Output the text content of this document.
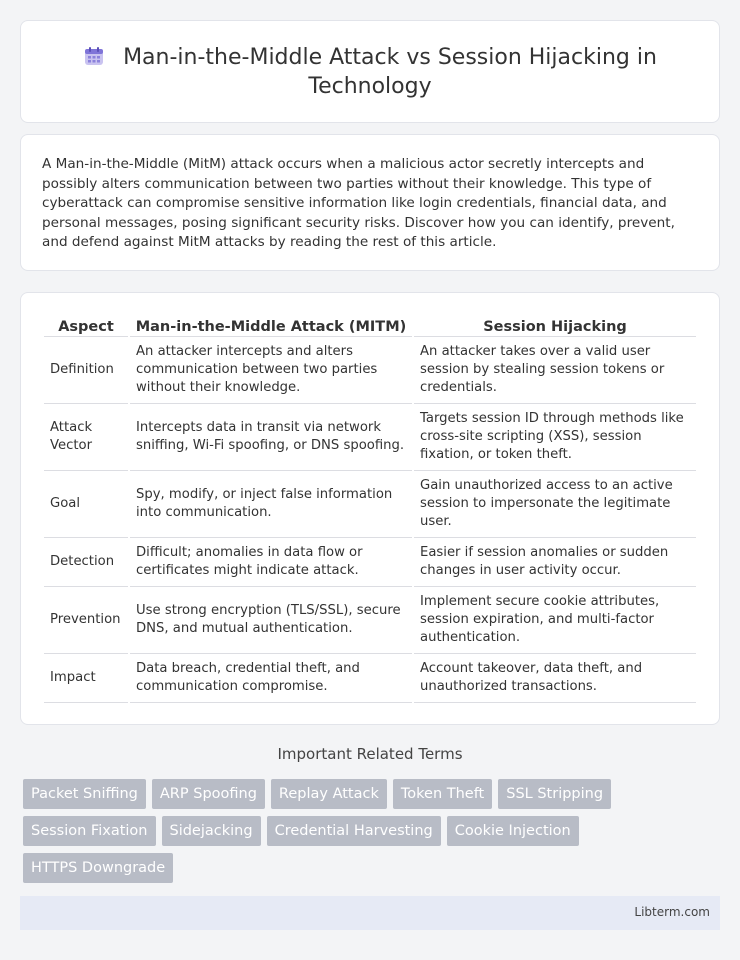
Man-in-the-Middle Attack vs Session Hijacking in Technology

A Man-in-the-Middle (MitM) attack occurs when a malicious actor secretly intercepts and possibly alters communication between two parties without their knowledge. This type of cyberattack can compromise sensitive information like login credentials, financial data, and personal messages, posing significant security risks. Discover how you can identify, prevent, and defend against MitM attacks by reading the rest of this article.

Aspect	Man-in-the-Middle Attack (MITM)	Session Hijacking
Definition	An attacker intercepts and alters communication between two parties without their knowledge.	An attacker takes over a valid user session by stealing session tokens or credentials.
Attack Vector	Intercepts data in transit via network sniffing, Wi-Fi spoofing, or DNS spoofing.	Targets session ID through methods like cross-site scripting (XSS), session fixation, or token theft.
Goal	Spy, modify, or inject false information into communication.	Gain unauthorized access to an active session to impersonate the legitimate user.
Detection	Difficult; anomalies in data flow or certificates might indicate attack.	Easier if session anomalies or sudden changes in user activity occur.
Prevention	Use strong encryption (TLS/SSL), secure DNS, and mutual authentication.	Implement secure cookie attributes, session expiration, and multi-factor authentication.
Impact	Data breach, credential theft, and communication compromise.	Account takeover, data theft, and unauthorized transactions.
Important Related Terms
Packet Sniffing	ARP Spoofing	Replay Attack	Token Theft	SSL Stripping
Session Fixation	Sidejacking	Credential Harvesting	Cookie Injection
HTTPS Downgrade
Libterm.com
